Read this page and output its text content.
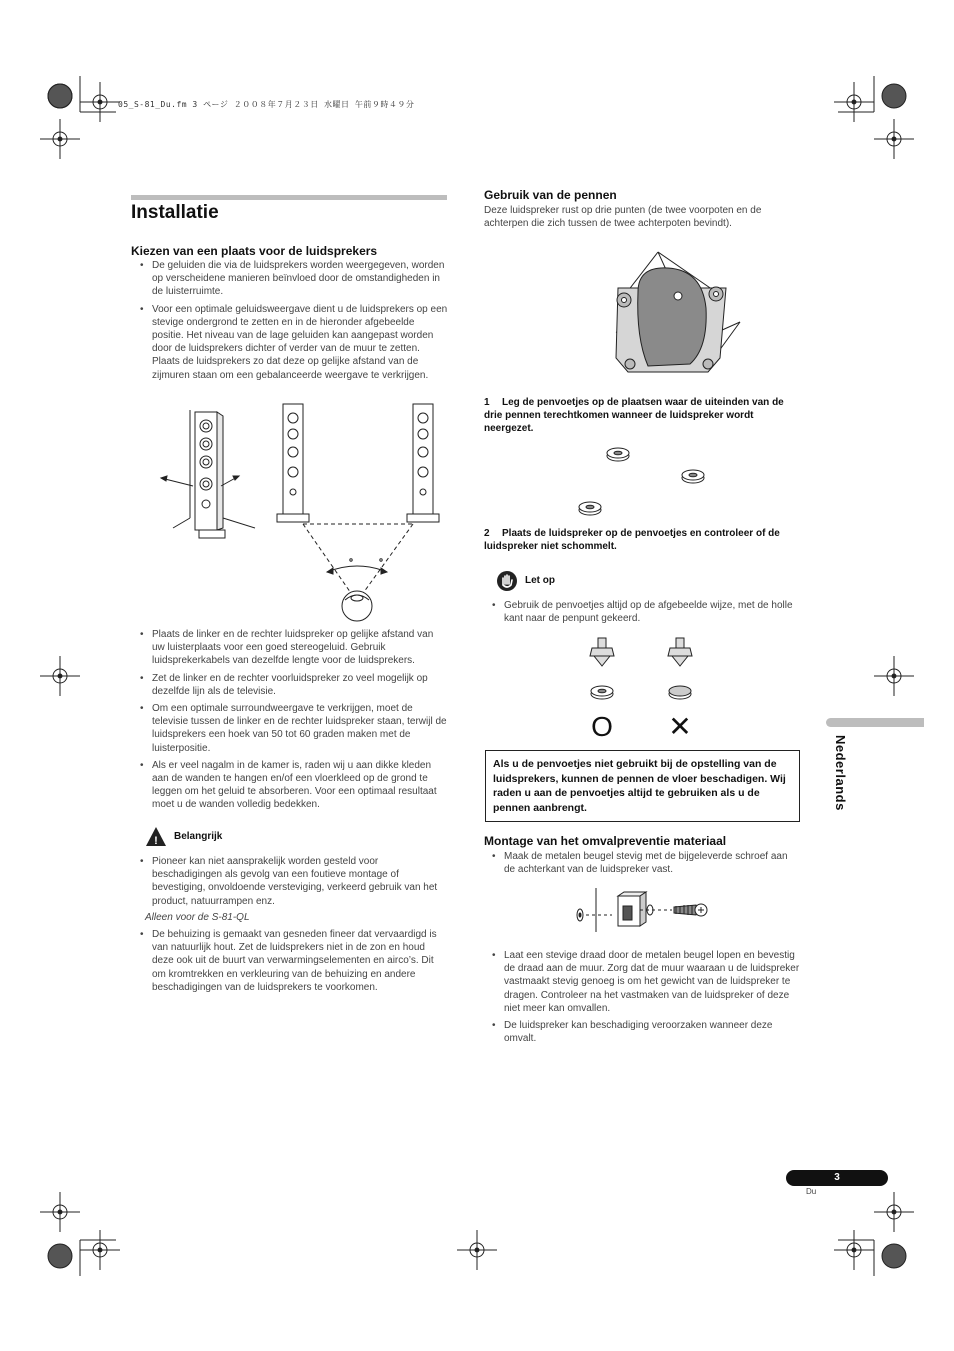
05_S-81_Du.fm 3 ページ ２００８年７月２３日 水曜日 午前９時４９分
Installatie
Kiezen van een plaats voor de luidsprekers
• De geluiden die via de luidsprekers worden weergegeven, worden op verscheidene manieren beïnvloed door de omstandigheden in de luisterruimte.
• Voor een optimale geluidsweergave dient u de luidsprekers op een stevige ondergrond te zetten en in de hieronder afgebeelde positie. Het niveau van de lage geluiden kan aangepast worden door de luidsprekers dichter of verder van de muur te zetten. Plaats de luidsprekers zo dat deze op gelijke afstand van de zijmuren staan om een gebalanceerde weergave te verkrijgen.
• Plaats de linker en de rechter luidspreker op gelijke afstand van uw luisterplaats voor een goed stereogeluid. Gebruik luidsprekerkabels van dezelfde lengte voor de luidsprekers.
• Zet de linker en de rechter voorluidspreker zo veel mogelijk op dezelfde lijn als de televisie.
• Om een optimale surroundweergave te verkrijgen, moet de televisie tussen de linker en de rechter luidspreker staan, terwijl de luidsprekers een hoek van 50 tot 60 graden maken met de luisterpositie.
• Als er veel nagalm in de kamer is, raden wij u aan dikke kleden aan de wanden te hangen en/of een vloerkleed op de grond te leggen om het geluid te absorberen. Voor een optimaal resultaat moet u de wanden volledig bedekken.
! Belangrijk
• Pioneer kan niet aansprakelijk worden gesteld voor beschadigingen als gevolg van een foutieve montage of bevestiging, onvoldoende versteviging, verkeerd gebruik van het product, natuurrampen enz.
Alleen voor de S-81-QL
• De behuizing is gemaakt van gesneden fineer dat vervaardigd is van natuurlijk hout. Zet de luidsprekers niet in de zon en houd deze ook uit de buurt van verwarmingselementen en airco’s. Dit om kromtrekken en verkleuring van de behuizing en andere beschadigingen van de luidsprekers te voorkomen.
Gebruik van de pennen

Deze luidspreker rust op drie punten (de twee voorpoten en de achterpen die zich tussen de twee achterpoten bevindt).

1 Leg de penvoetjes op de plaatsen waar de uiteinden van de drie pennen terechtkomen wanneer de luidspreker wordt neergezet.
2 Plaats de luidspreker op de penvoetjes en controleer of de luidspreker niet schommelt.
Let op
• Gebruik de penvoetjes altijd op de afgebeelde wijze, met de holle kant naar de penpunt gekeerd.
O ✕
Als u de penvoetjes niet gebruikt bij de opstelling van de luidsprekers, kunnen de pennen de vloer beschadigen. Wij raden u aan de penvoetjes altijd te gebruiken als u de pennen aanbrengt.
Montage van het omvalpreventie materiaal
• Maak de metalen beugel stevig met de bijgeleverde schroef aan de achterkant van de luidspreker vast.
• Laat een stevige draad door de metalen beugel lopen en bevestig de draad aan de muur. Zorg dat de muur waaraan u de luidspreker vastmaakt stevig genoeg is om het gewicht van de luidspreker te dragen. Controleer na het vastmaken van de luidspreker of deze niet meer kan omvallen.
• De luidspreker kan beschadiging veroorzaken wanneer deze omvalt.
Nederlands
3
Du
